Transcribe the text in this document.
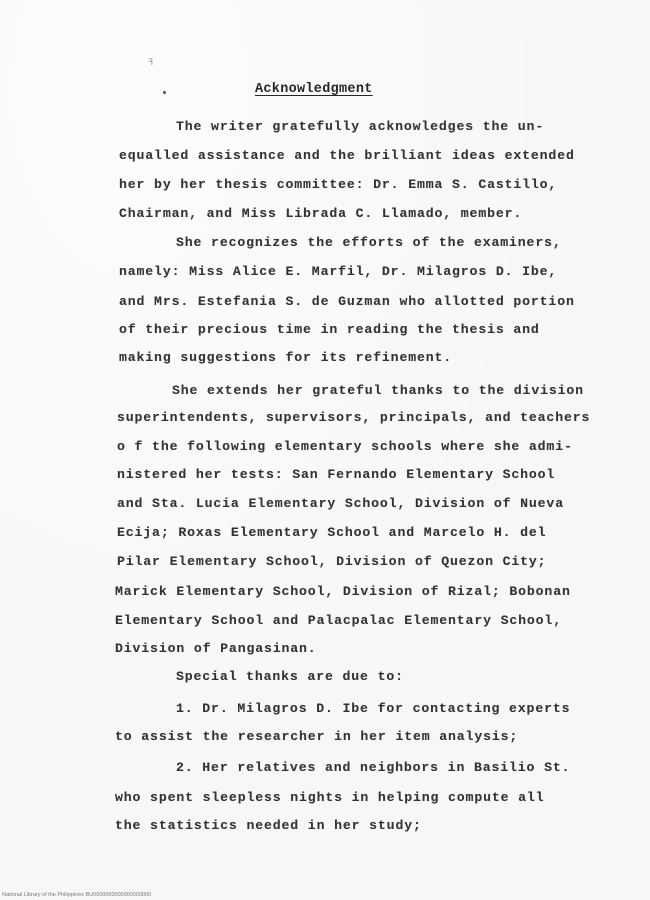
ꟻ
Acknowledgment
The writer gratefully acknowledges the un-
equalled assistance and the brilliant ideas extended
her by her thesis committee: Dr. Emma S. Castillo,
Chairman, and Miss Librada C. Llamado, member.
She recognizes the efforts of the examiners,
namely: Miss Alice E. Marfil, Dr. Milagros D. Ibe,
and Mrs. Estefania S. de Guzman who allotted portion
of their precious time in reading the thesis and
making suggestions for its refinement.
She extends her grateful thanks to the division
superintendents, supervisors, principals, and teachers
o f the following elementary schools where she admi-
nistered her tests: San Fernando Elementary School
and Sta. Lucia Elementary School, Division of Nueva
Ecija; Roxas Elementary School and Marcelo H. del
Pilar Elementary School, Division of Quezon City;
Marick Elementary School, Division of Rizal; Bobonan
Elementary School and Palacpalac Elementary School,
Division of Pangasinan.
Special thanks are due to:
1. Dr. Milagros D. Ibe for contacting experts
to assist the researcher in her item analysis;
2. Her relatives and neighbors in Basilio St.
who spent sleepless nights in helping compute all
the statistics needed in her study;
National Library of the Philippines BU0000000000000000000
